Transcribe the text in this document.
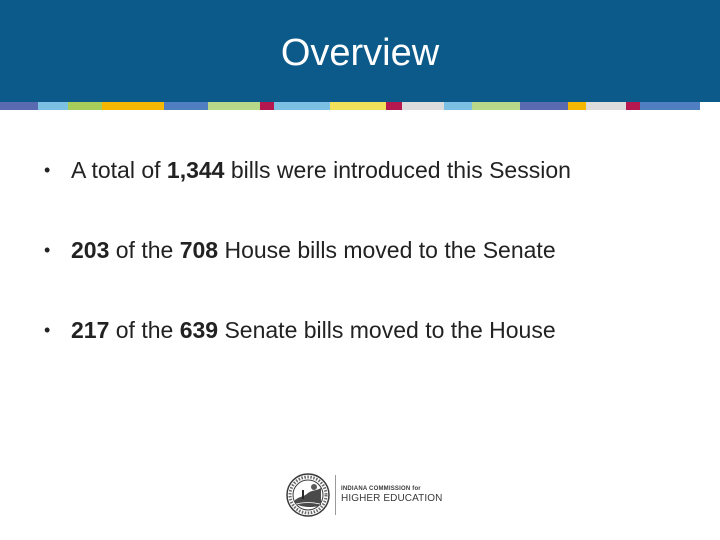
Overview
• A total of 1,344 bills were introduced this Session
• 203 of the 708 House bills moved to the Senate
• 217 of the 639 Senate bills moved to the House
INDIANA COMMISSION for
HIGHER EDUCATION
